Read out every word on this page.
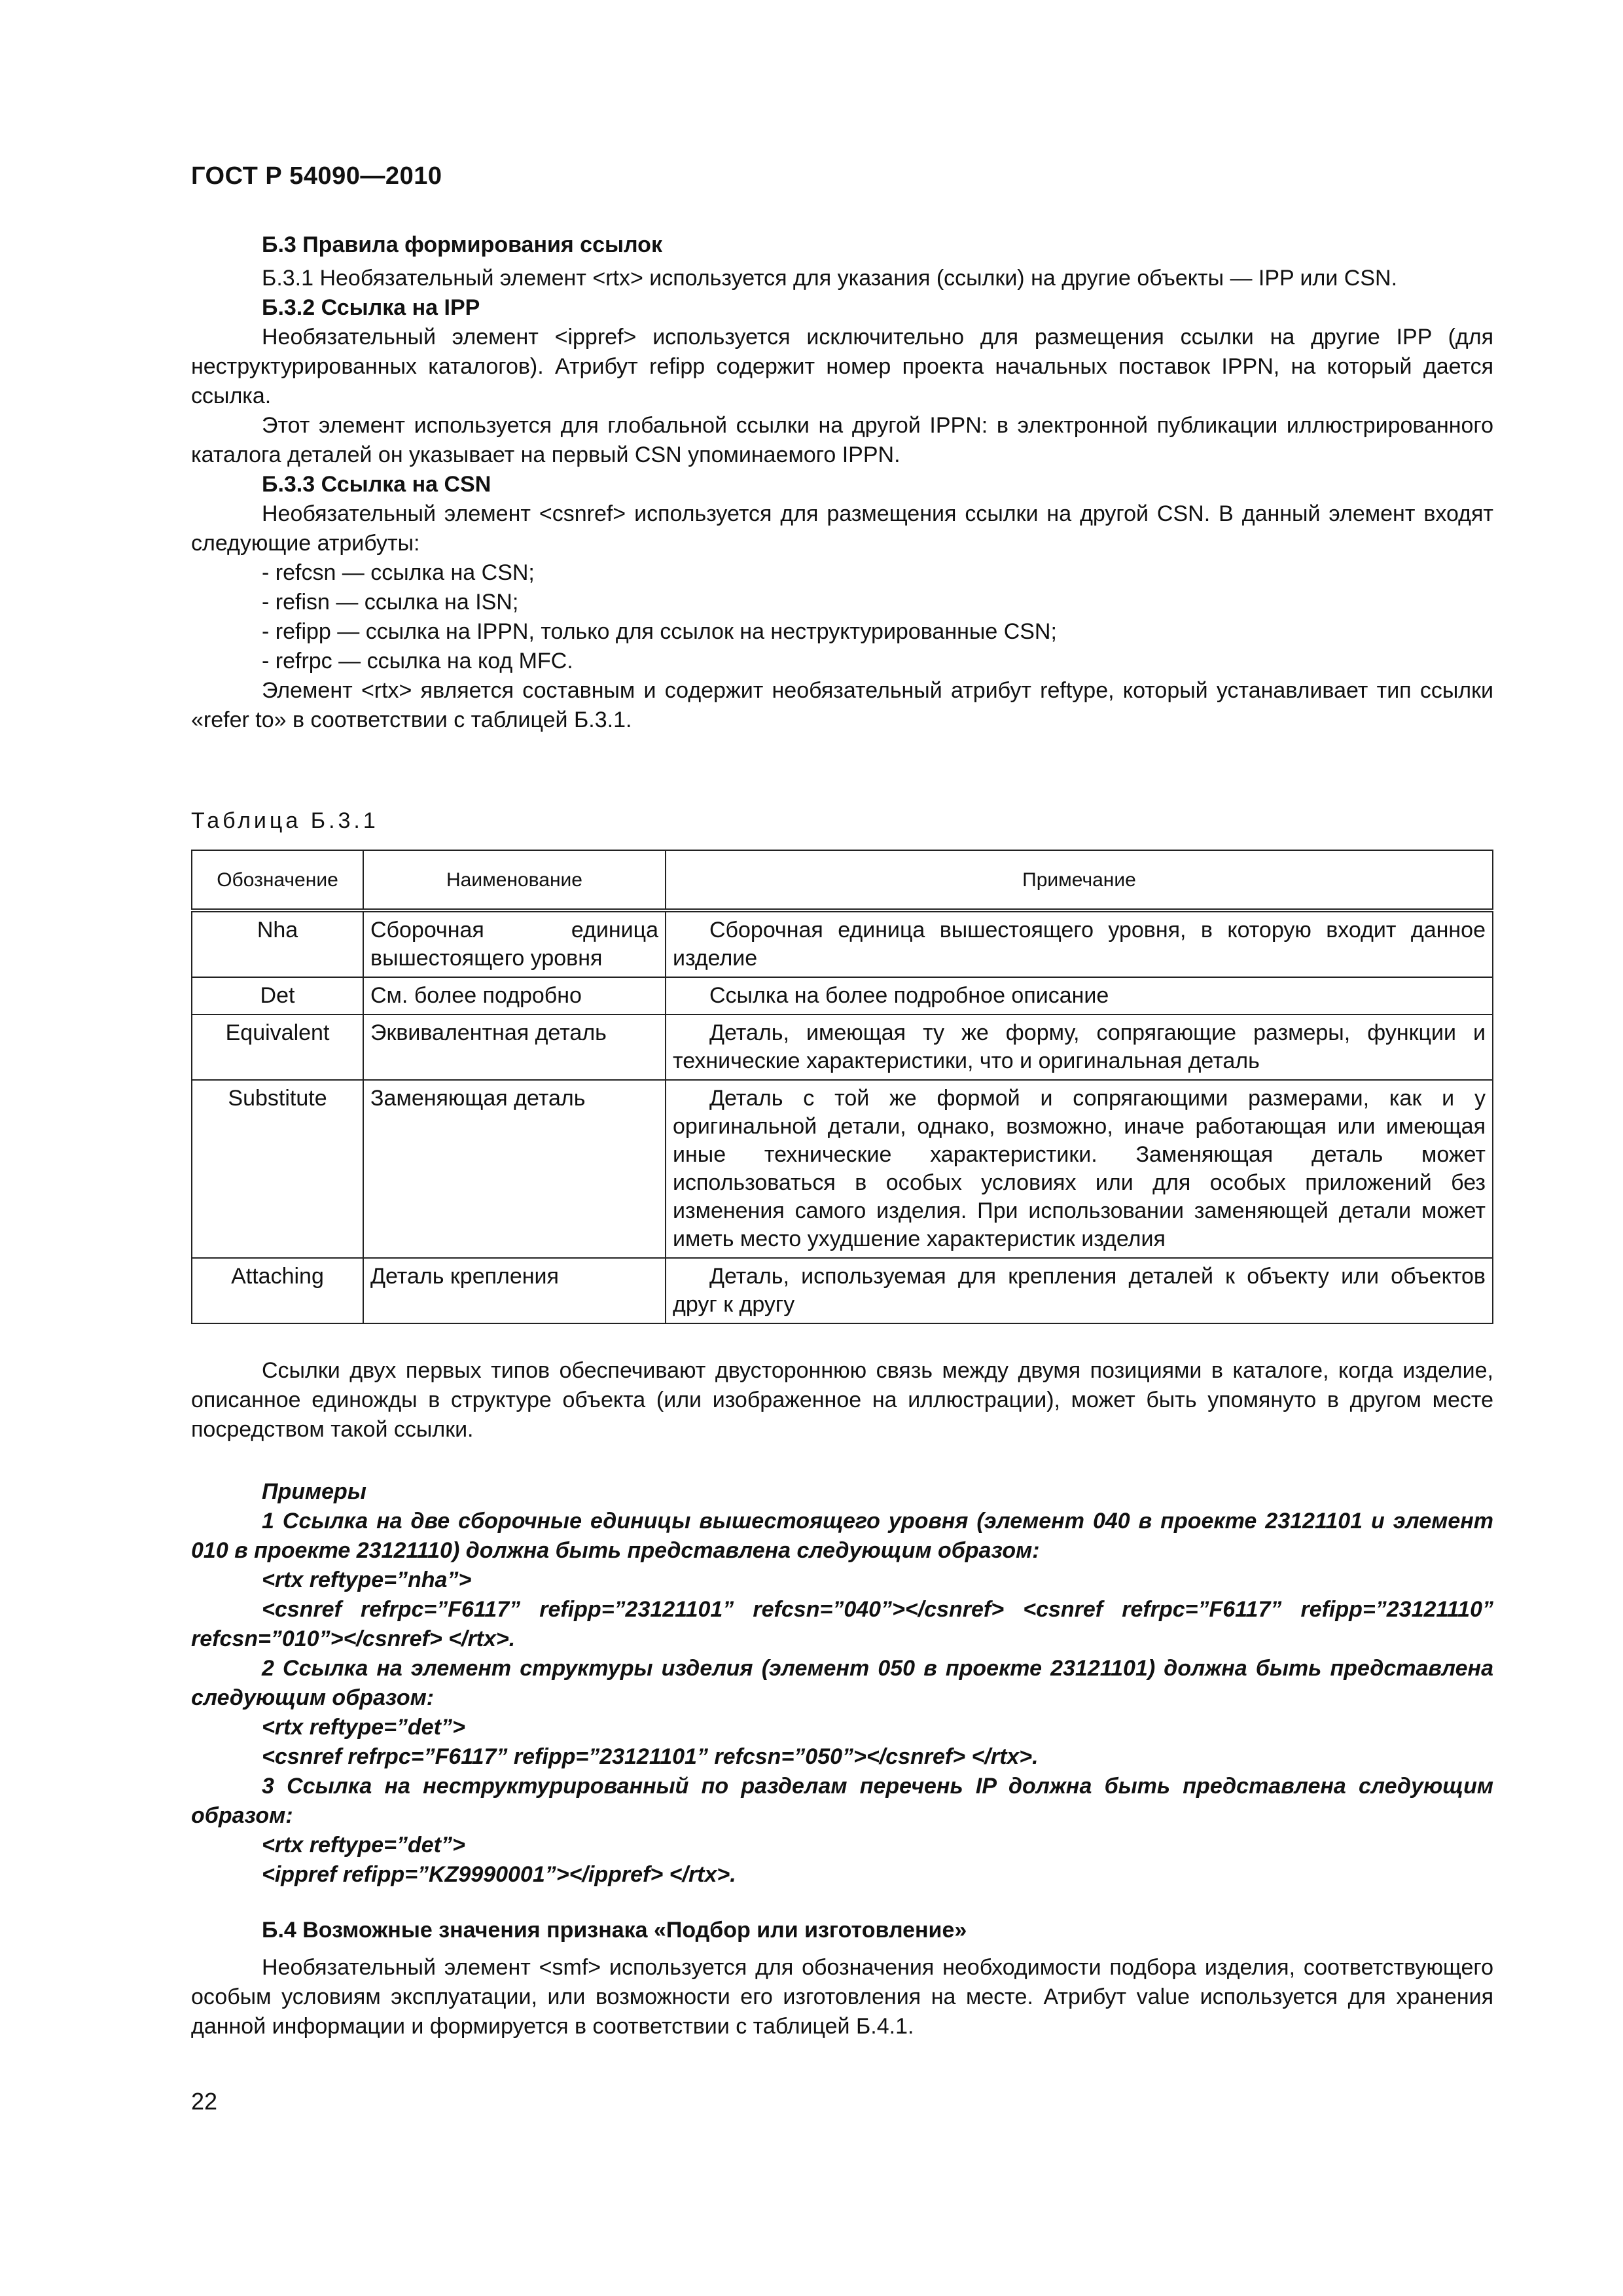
ГОСТ Р 54090—2010

Б.3 Правила формирования ссылок

Б.3.1 Необязательный элемент <rtx> используется для указания (ссылки) на другие объекты — IPP или CSN.

Б.3.2 Ссылка на IPP

Необязательный элемент <ippref> используется исключительно для размещения ссылки на другие IPP (для неструктурированных каталогов). Атрибут refipp содержит номер проекта начальных поставок IPPN, на который дается ссылка.

Этот элемент используется для глобальной ссылки на другой IPPN: в электронной публикации иллюстрированного каталога деталей он указывает на первый CSN упоминаемого IPPN.

Б.3.3 Ссылка на CSN

Необязательный элемент <csnref> используется для размещения ссылки на другой CSN. В данный элемент входят следующие атрибуты:

- refcsn — ссылка на CSN;

- refisn — ссылка на ISN;

- refipp — ссылка на IPPN, только для ссылок на неструктурированные CSN;

- refrpc — ссылка на код MFC.

Элемент <rtx> является составным и содержит необязательный атрибут reftype, который устанавливает тип ссылки «refer to» в соответствии с таблицей Б.3.1.

Таблица Б.3.1

Обозначение	Наименование	Примечание
Nha	Сборочная единица вышестоящего уровня	Сборочная единица вышестоящего уровня, в которую входит данное изделие
Det	См. более подробно	Ссылка на более подробное описание
Equivalent	Эквивалентная деталь	Деталь, имеющая ту же форму, сопрягающие размеры, функции и технические характеристики, что и оригинальная деталь
Substitute	Заменяющая деталь	Деталь с той же формой и сопрягающими размерами, как и у оригинальной детали, однако, возможно, иначе работающая или имеющая иные технические характеристики. Заменяющая деталь может использоваться в особых условиях или для особых приложений без изменения самого изделия. При использовании заменяющей детали может иметь место ухудшение характеристик изделия
Attaching	Деталь крепления	Деталь, используемая для крепления деталей к объекту или объектов друг к другу

Ссылки двух первых типов обеспечивают двустороннюю связь между двумя позициями в каталоге, когда изделие, описанное единожды в структуре объекта (или изображенное на иллюстрации), может быть упомянуто в другом месте посредством такой ссылки.

Примеры

1 Ссылка на две сборочные единицы вышестоящего уровня (элемент 040 в проекте 23121101 и элемент 010 в проекте 23121110) должна быть представлена следующим образом:

<rtx reftype=”nha”>

<csnref refrpc=”F6117” refipp=”23121101” refcsn=”040”></csnref> <csnref refrpc=”F6117” refipp=”23121110” refcsn=”010”></csnref> </rtx>.

2 Ссылка на элемент структуры изделия (элемент 050 в проекте 23121101) должна быть представлена следующим образом:

<rtx reftype=”det”>

<csnref refrpc=”F6117” refipp=”23121101” refcsn=”050”></csnref> </rtx>.

3 Ссылка на неструктурированный по разделам перечень IP должна быть представлена следующим образом:

<rtx reftype=”det”>

<ippref refipp=”KZ9990001”></ippref> </rtx>.

Б.4 Возможные значения признака «Подбор или изготовление»

Необязательный элемент <smf> используется для обозначения необходимости подбора изделия, соответствующего особым условиям эксплуатации, или возможности его изготовления на месте. Атрибут value используется для хранения данной информации и формируется в соответствии с таблицей Б.4.1.

22
